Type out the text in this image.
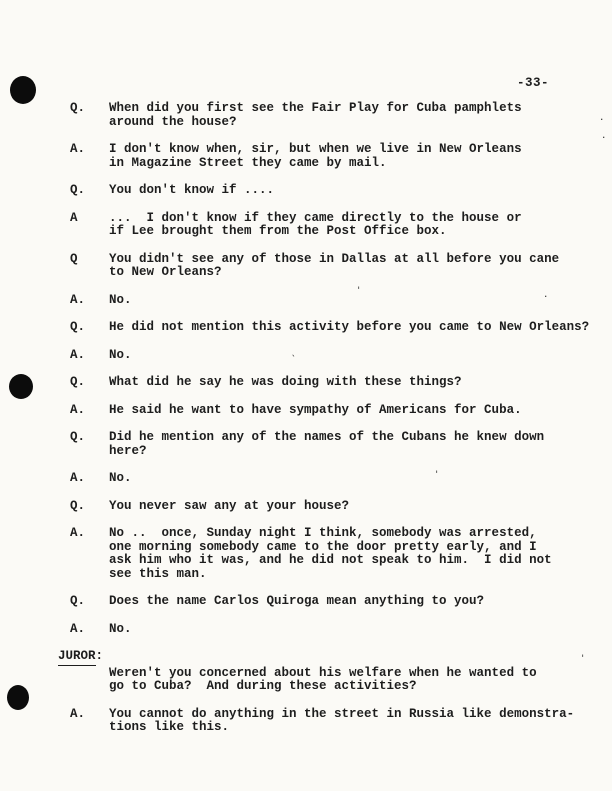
-33-
Q.	When did you first see the Fair Play for Cuba pamphlets
around the house?
A.	I don't know when, sir, but when we live in New Orleans
in Magazine Street they came by mail.
Q.	You don't know if ....
A	...  I don't know if they came directly to the house or
if Lee brought them from the Post Office box.
Q	You didn't see any of those in Dallas at all before you cane
to New Orleans?
A.	No.
Q.	He did not mention this activity before you came to New Orleans?
A.	No.
Q.	What did he say he was doing with these things?
A.	He said he want to have sympathy of Americans for Cuba.
Q.	Did he mention any of the names of the Cubans he knew down
here?
A.	No.
Q.	You never saw any at your house?
A.	No ..  once, Sunday night I think, somebody was arrested,
one morning somebody came to the door pretty early, and I
ask him who it was, and he did not speak to him.  I did not
see this man.
Q.	Does the name Carlos Quiroga mean anything to you?
A.	No.
JUROR:
Weren't you concerned about his welfare when he wanted to
go to Cuba?  And during these activities?
A.	You cannot do anything in the street in Russia like demonstra-
tions like this.
'	.
`
'
'
.
.
